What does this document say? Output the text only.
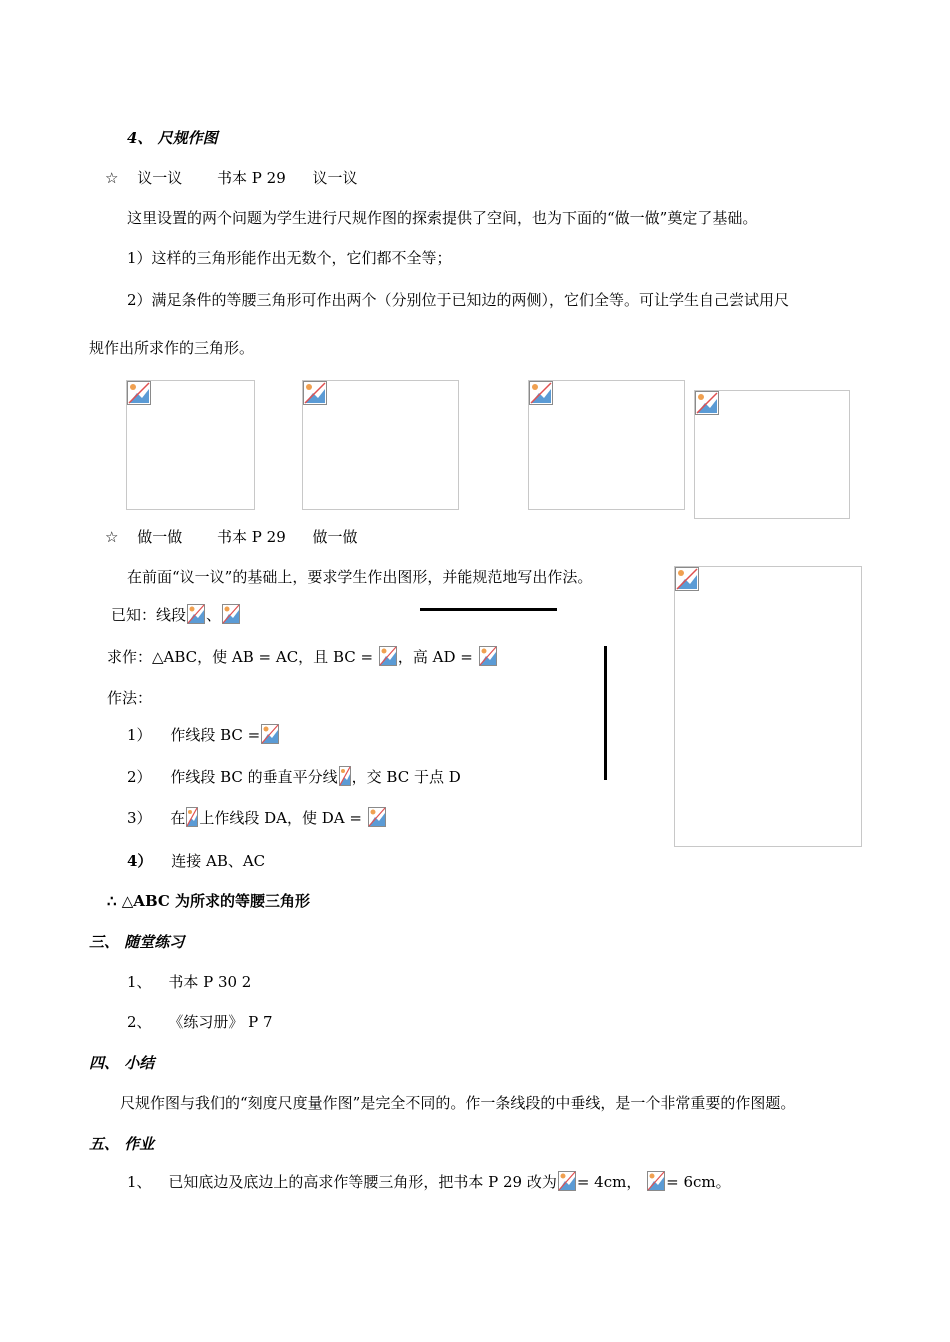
4、 尺规作图
☆ 议一议 书本 P 29 议一议
这里设置的两个问题为学生进行尺规作图的探索提供了空间，也为下面的“做一做”奠定了基础。
1）这样的三角形能作出无数个，它们都不全等；
2）满足条件的等腰三角形可作出两个（分别位于已知边的两侧），它们全等。可让学生自己尝试用尺
规作出所求作的三角形。
☆ 做一做 书本 P 29 做一做
在前面“议一议”的基础上，要求学生作出图形，并能规范地写出作法。
已知：线段 、
求作：△ABC，使 AB = AC，且 BC = ，高 AD =
作法：
1） 作线段 BC =
2） 作线段 BC 的垂直平分线 ，交 BC 于点 D
3） 在 上作线段 DA，使 DA =
4） 连接 AB、AC
∴ △ABC 为所求的等腰三角形
三、 随堂练习
1、 书本 P 30 2
2、 《练习册》 P 7
四、 小结
尺规作图与我们的“刻度尺度量作图”是完全不同的。作一条线段的中垂线，是一个非常重要的作图题。
五、 作业
1、 已知底边及底边上的高求作等腰三角形，把书本 P 29 改为 = 4cm， = 6cm。
